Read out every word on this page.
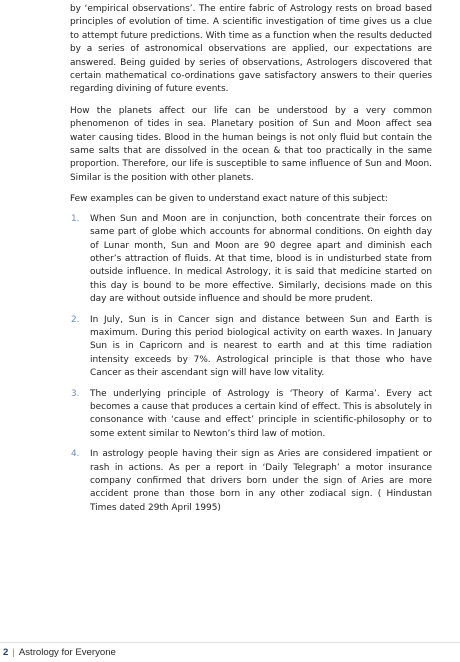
by ‘empirical observations’. The entire fabric of Astrology rests on broad based principles of evolution of time. A scientific investigation of time gives us a clue to attempt future predictions. With time as a function when the results deducted by a series of astronomical observations are applied, our expectations are answered. Being guided by series of observations, Astrologers discovered that certain mathematical co-ordinations gave satisfactory answers to their queries regarding divining of future events.

How the planets affect our life can be understood by a very common phenomenon of tides in sea. Planetary position of Sun and Moon affect sea water causing tides. Blood in the human beings is not only fluid but contain the same salts that are dissolved in the ocean & that too practically in the same proportion. Therefore, our life is susceptible to same influence of Sun and Moon. Similar is the position with other planets.

Few examples can be given to understand exact nature of this subject:

1. When Sun and Moon are in conjunction, both concentrate their forces on same part of globe which accounts for abnormal conditions. On eighth day of Lunar month, Sun and Moon are 90 degree apart and diminish each other’s attraction of fluids. At that time, blood is in undisturbed state from outside influence. In medical Astrology, it is said that medicine started on this day is bound to be more effective. Similarly, decisions made on this day are without outside influence and should be more prudent.
2. In July, Sun is in Cancer sign and distance between Sun and Earth is maximum. During this period biological activity on earth waxes. In January Sun is in Capricorn and is nearest to earth and at this time radiation intensity exceeds by 7%. Astrological principle is that those who have Cancer as their ascendant sign will have low vitality.
3. The underlying principle of Astrology is ‘Theory of Karma’. Every act becomes a cause that produces a certain kind of effect. This is absolutely in consonance with ‘cause and effect’ principle in scientific-philosophy or to some extent similar to Newton’s third law of motion.
4. In astrology people having their sign as Aries are considered impatient or rash in actions. As per a report in ‘Daily Telegraph’ a motor insurance company confirmed that drivers born under the sign of Aries are more accident prone than those born in any other zodiacal sign. ( Hindustan Times dated 29th April 1995)
2 | Astrology for Everyone
